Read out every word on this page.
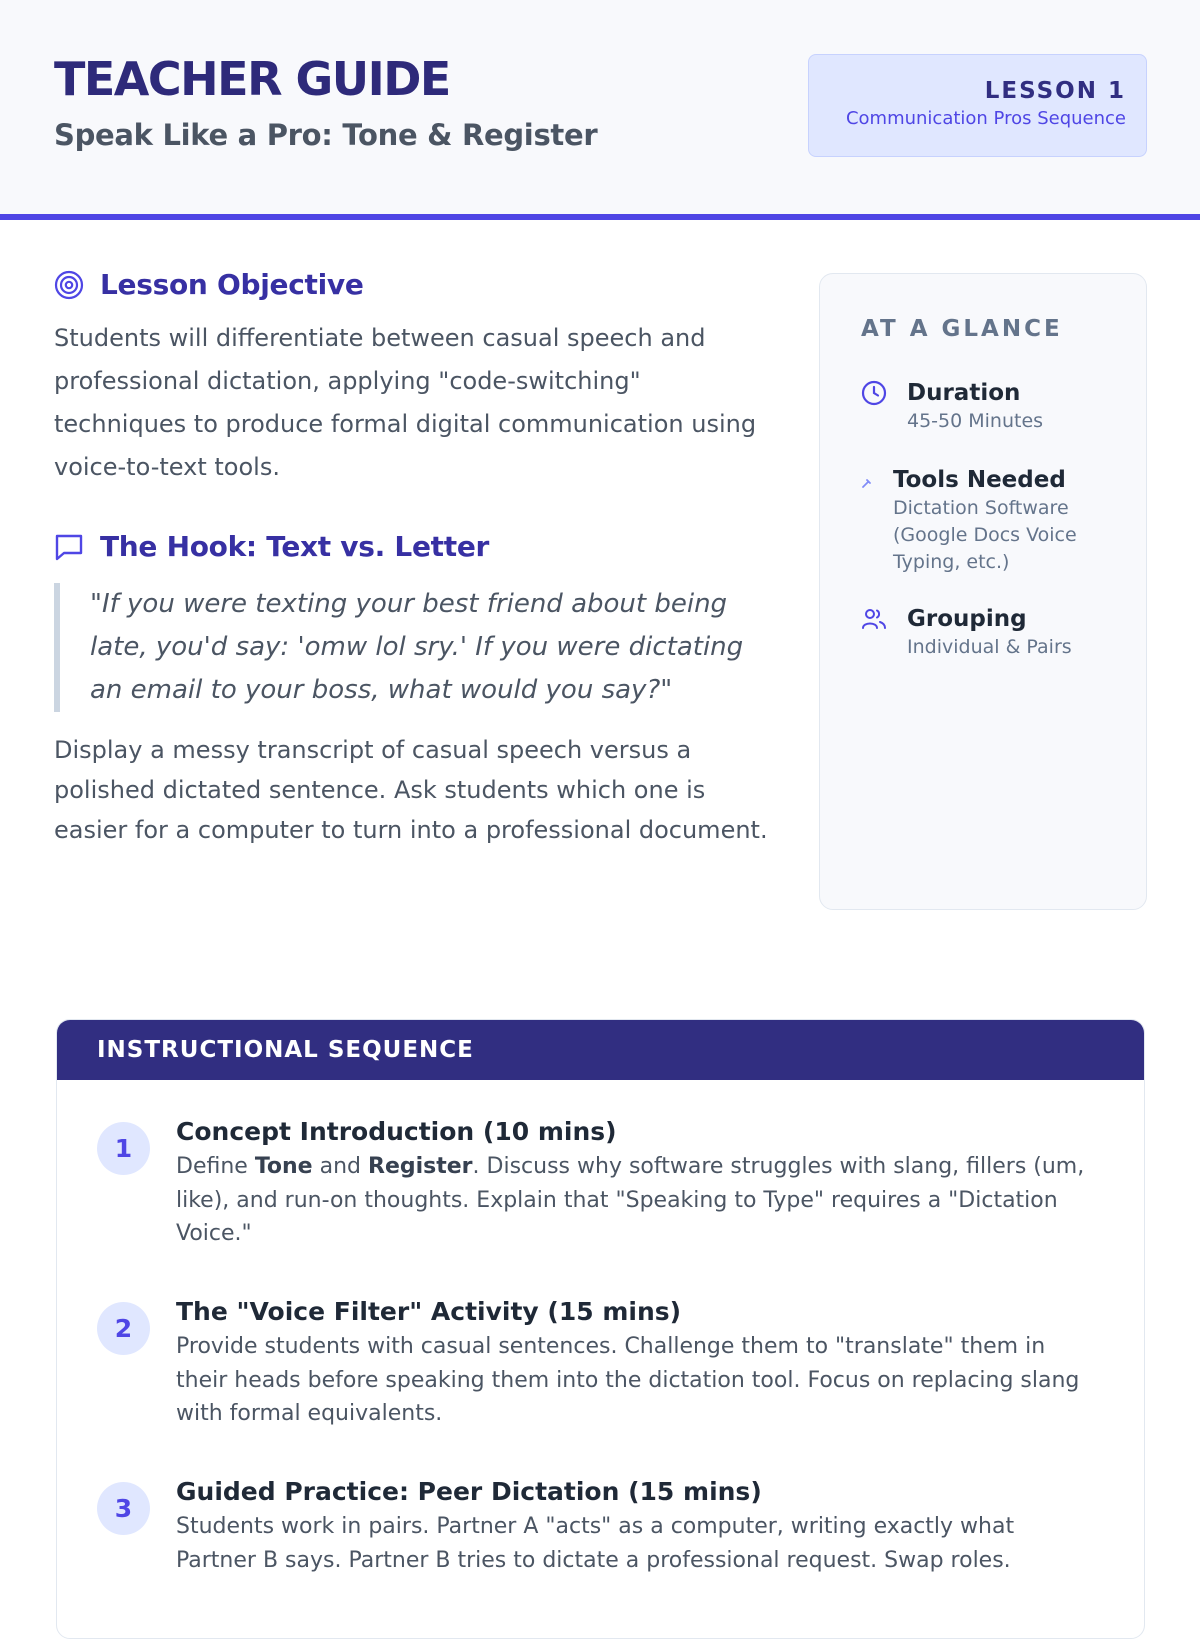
TEACHER GUIDE
Speak Like a Pro: Tone & Register
LESSON 1
Communication Pros Sequence
Lesson Objective

Students will differentiate between casual speech and professional dictation, applying "code-switching" techniques to produce formal digital communication using voice-to-text tools.

The Hook: Text vs. Letter
"If you were texting your best friend about being late, you'd say: 'omw lol sry.' If you were dictating an email to your boss, what would you say?"

Display a messy transcript of casual speech versus a polished dictated sentence. Ask students which one is easier for a computer to turn into a professional document.

AT A GLANCE
Duration
45-50 Minutes
Tools Needed
Dictation Software (Google Docs Voice Typing, etc.)
Grouping
Individual & Pairs
INSTRUCTIONAL SEQUENCE
1
Concept Introduction (10 mins)

Define Tone and Register. Discuss why software struggles with slang, fillers (um, like), and run-on thoughts. Explain that "Speaking to Type" requires a "Dictation Voice."

2
The "Voice Filter" Activity (15 mins)

Provide students with casual sentences. Challenge them to "translate" them in their heads before speaking them into the dictation tool. Focus on replacing slang with formal equivalents.

3
Guided Practice: Peer Dictation (15 mins)

Students work in pairs. Partner A "acts" as a computer, writing exactly what Partner B says. Partner B tries to dictate a professional request. Swap roles.
